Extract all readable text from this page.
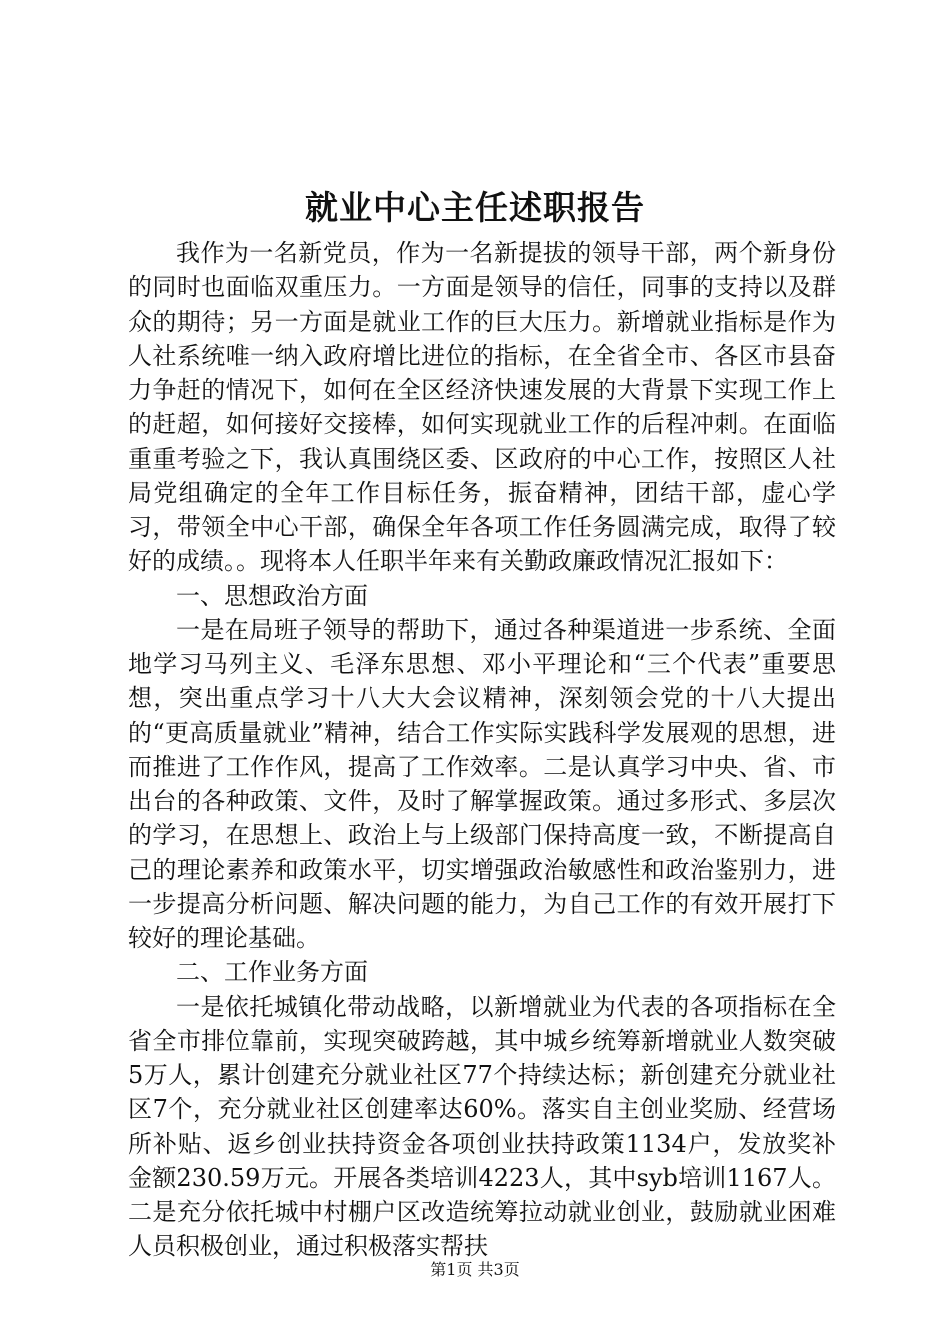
就业中心主任述职报告

我作为一名新党员，作为一名新提拔的领导干部，两个新身份的同时也面临双重压力。一方面是领导的信任，同事的支持以及群众的期待；另一方面是就业工作的巨大压力。新增就业指标是作为人社系统唯一纳入政府增比进位的指标，在全省全市、各区市县奋力争赶的情况下，如何在全区经济快速发展的大背景下实现工作上的赶超，如何接好交接棒，如何实现就业工作的后程冲刺。在面临重重考验之下，我认真围绕区委、区政府的中心工作，按照区人社局党组确定的全年工作目标任务，振奋精神，团结干部，虚心学习，带领全中心干部，确保全年各项工作任务圆满完成，取得了较好的成绩。。现将本人任职半年来有关勤政廉政情况汇报如下：

一、思想政治方面

一是在局班子领导的帮助下，通过各种渠道进一步系统、全面地学习马列主义、毛泽东思想、邓小平理论和“三个代表”重要思想，突出重点学习十八大大会议精神，深刻领会党的十八大提出的“更高质量就业”精神，结合工作实际实践科学发展观的思想，进而推进了工作作风，提高了工作效率。二是认真学习中央、省、市出台的各种政策、文件，及时了解掌握政策。通过多形式、多层次的学习，在思想上、政治上与上级部门保持高度一致，不断提高自己的理论素养和政策水平，切实增强政治敏感性和政治鉴别力，进一步提高分析问题、解决问题的能力，为自己工作的有效开展打下较好的理论基础。

二、工作业务方面

一是依托城镇化带动战略，以新增就业为代表的各项指标在全省全市排位靠前，实现突破跨越，其中城乡统筹新增就业人数突破5万人，累计创建充分就业社区77个持续达标；新创建充分就业社区7个，充分就业社区创建率达60%。落实自主创业奖励、经营场所补贴、返乡创业扶持资金各项创业扶持政策1134户，发放奖补金额230.59万元。开展各类培训4223人，其中syb培训1167人。二是充分依托城中村棚户区改造统筹拉动就业创业，鼓励就业困难人员积极创业，通过积极落实帮扶

第1页 共3页
